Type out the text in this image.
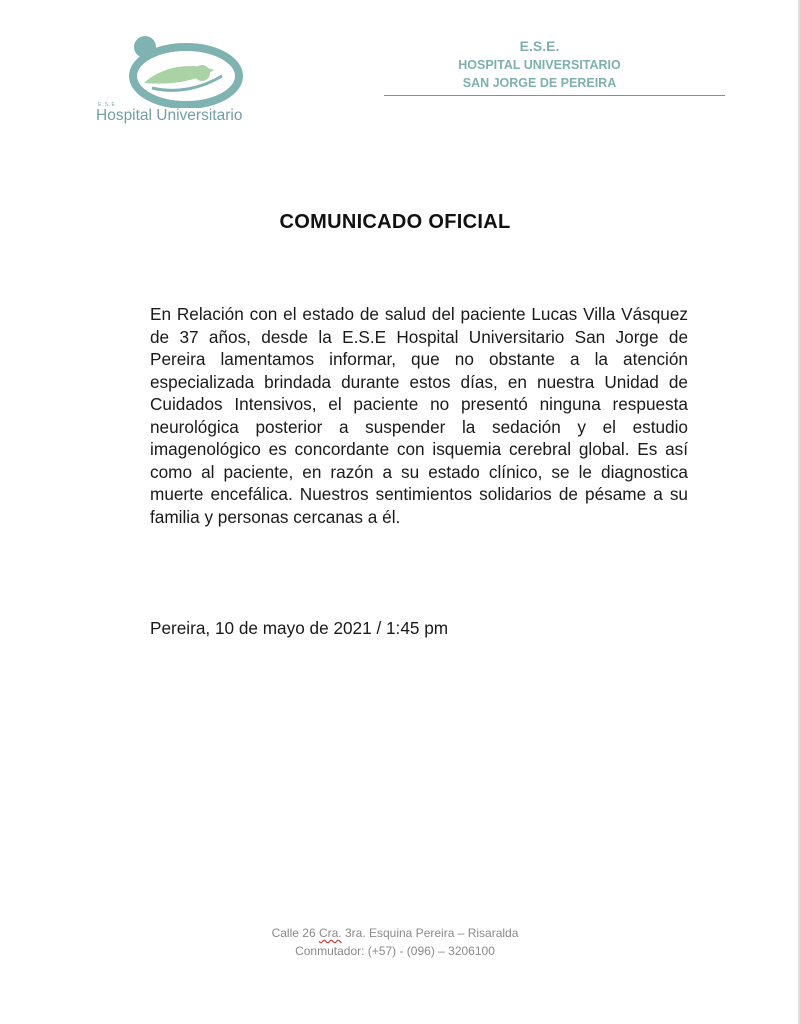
E.S.E
Hospital Universitario
E.S.E.
HOSPITAL UNIVERSITARIO
SAN JORGE DE PEREIRA
COMUNICADO OFICIAL

En Relación con el estado de salud del paciente Lucas Villa Vásquez de 37 años, desde la E.S.E Hospital Universitario San Jorge de Pereira lamentamos informar, que no obstante a la atención especializada brindada durante estos días, en nuestra Unidad de Cuidados Intensivos, el paciente no presentó ninguna respuesta neurológica posterior a suspender la sedación y el estudio imagenológico es concordante con isquemia cerebral global. Es así como al paciente, en razón a su estado clínico, se le diagnostica muerte encefálica. Nuestros sentimientos solidarios de pésame a su familia y personas cercanas a él.

Pereira, 10 de mayo de 2021 / 1:45 pm
Calle 26 Cra. 3ra. Esquina Pereira – Risaralda
Conmutador: (+57) - (096) – 3206100
